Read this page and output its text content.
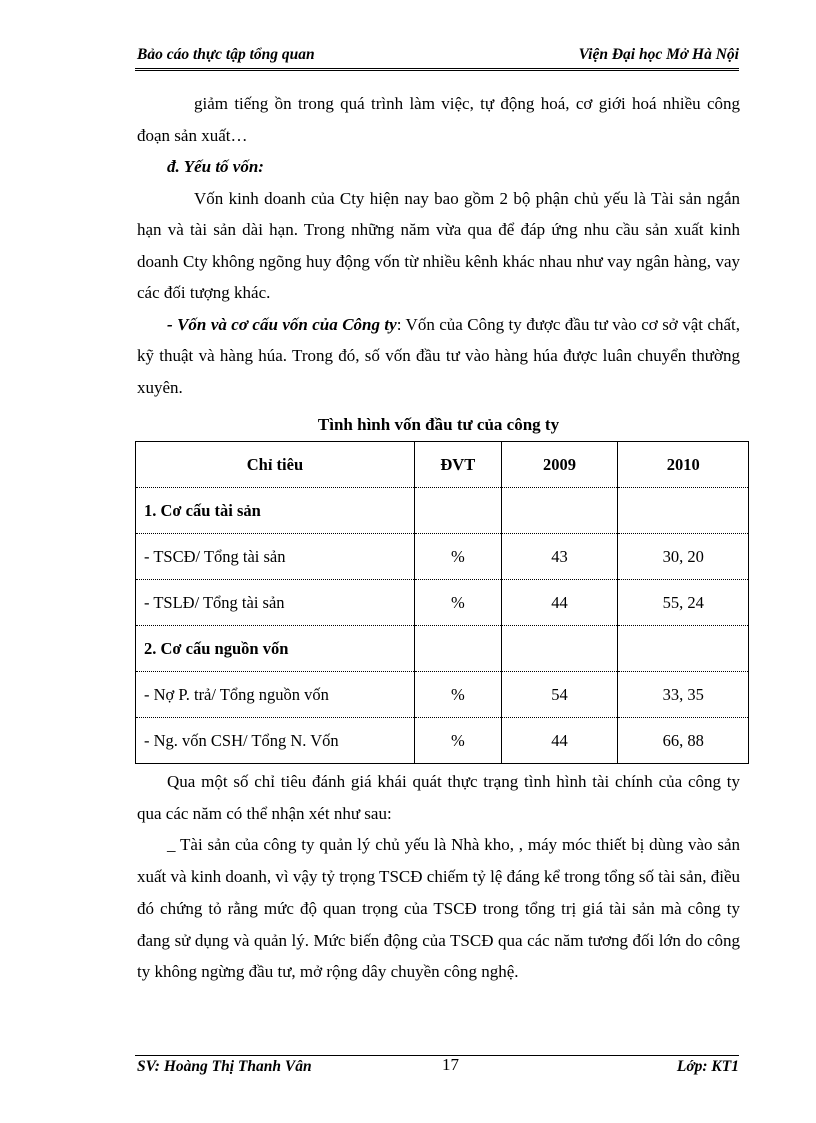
Bảo cáo thực tập tổng quan	Viện Đại học Mở Hà Nội

giảm tiếng ồn trong quá trình làm việc, tự động hoá, cơ giới hoá nhiều công đoạn sản xuất…

đ. Yếu tố vốn:

Vốn kinh doanh của Cty hiện nay bao gồm 2 bộ phận chủ yếu là Tài sản ngắn hạn và tài sản dài hạn. Trong những năm vừa qua để đáp ứng nhu cầu sản xuất kinh doanh Cty không ngõng huy động vốn từ nhiều kênh khác nhau như vay ngân hàng, vay các đối tượng khác.

- Vốn và cơ cấu vốn của Công ty: Vốn của Công ty được đầu tư vào cơ sở vật chất, kỹ thuật và hàng húa. Trong đó, số vốn đầu tư vào hàng húa được luân chuyển thường xuyên.

Tình hình vốn đầu tư của công ty
Chỉ tiêu	ĐVT	2009	2010
1. Cơ cấu tài sản			
- TSCĐ/ Tổng tài sản	%	43	30, 20
- TSLĐ/ Tổng tài sản	%	44	55, 24
2. Cơ cấu nguồn vốn			
- Nợ P. trả/ Tổng nguồn vốn	%	54	33, 35
- Ng. vốn CSH/ Tổng N. Vốn	%	44	66, 88

Qua một số chỉ tiêu đánh giá khái quát thực trạng tình hình tài chính của công ty qua các năm có thể nhận xét như sau:

_ Tài sản của công ty quản lý chủ yếu là Nhà kho, , máy móc thiết bị dùng vào sản xuất và kinh doanh, vì vậy tỷ trọng TSCĐ chiếm tỷ lệ đáng kể trong tổng số tài sản, điều đó chứng tỏ rằng mức độ quan trọng của TSCĐ trong tổng trị giá tài sản mà công ty đang sử dụng và quản lý. Mức biến động của TSCĐ qua các năm tương đối lớn do công ty không ngừng đầu tư, mở rộng dây chuyền công nghệ.

SV: Hoàng Thị Thanh Vân	17	Lớp: KT1
